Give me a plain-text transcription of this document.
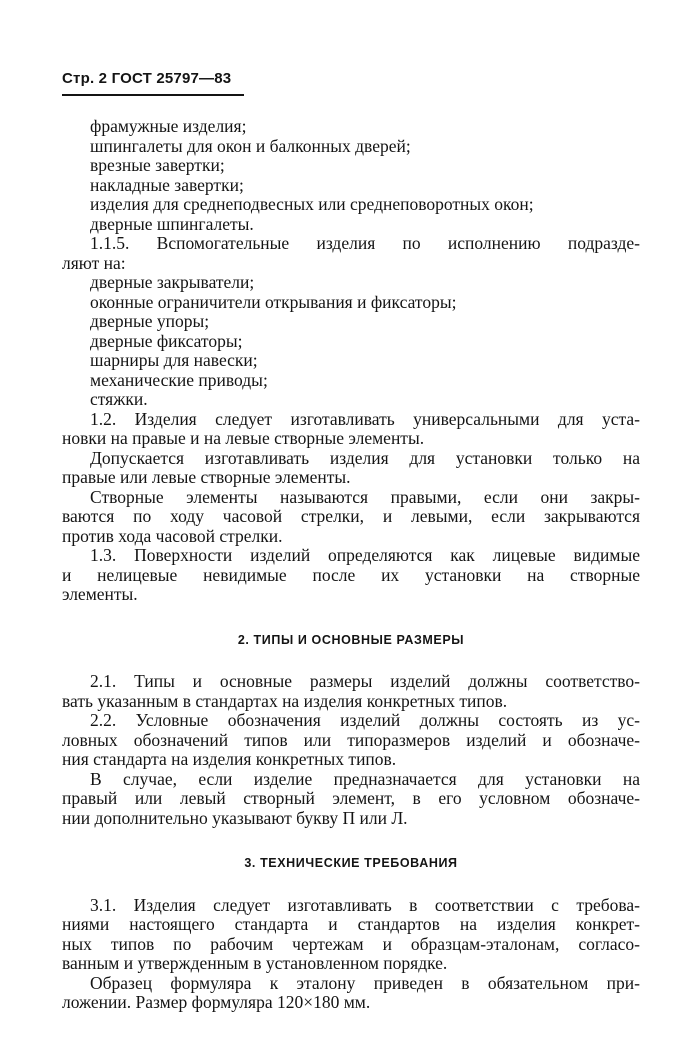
Стр. 2 ГОСТ 25797—83
фрамужные изделия;
шпингалеты для окон и балконных дверей;
врезные завертки;
накладные завертки;
изделия для среднеподвесных или среднеповоротных окон;
дверные шпингалеты.
1.1.5. Вспомогательные изделия по исполнению подразде-
ляют на:
дверные закрыватели;
оконные ограничители открывания и фиксаторы;
дверные упоры;
дверные фиксаторы;
шарниры для навески;
механические приводы;
стяжки.
1.2. Изделия следует изготавливать универсальными для уста-
новки на правые и на левые створные элементы.
Допускается изготавливать изделия для установки только на
правые или левые створные элементы.
Створные элементы называются правыми, если они закры-
ваются по ходу часовой стрелки, и левыми, если закрываются
против хода часовой стрелки.
1.3. Поверхности изделий определяются как лицевые видимые
и нелицевые невидимые после их установки на створные
элементы.
2. ТИПЫ И ОСНОВНЫЕ РАЗМЕРЫ
2.1. Типы и основные размеры изделий должны соответство-
вать указанным в стандартах на изделия конкретных типов.
2.2. Условные обозначения изделий должны состоять из ус-
ловных обозначений типов или типоразмеров изделий и обозначе-
ния стандарта на изделия конкретных типов.
В случае, если изделие предназначается для установки на
правый или левый створный элемент, в его условном обозначе-
нии дополнительно указывают букву П или Л.
3. ТЕХНИЧЕСКИЕ ТРЕБОВАНИЯ
3.1. Изделия следует изготавливать в соответствии с требова-
ниями настоящего стандарта и стандартов на изделия конкрет-
ных типов по рабочим чертежам и образцам-эталонам, согласо-
ванным и утвержденным в установленном порядке.
Образец формуляра к эталону приведен в обязательном при-
ложении. Размер формуляра 120×180 мм.
